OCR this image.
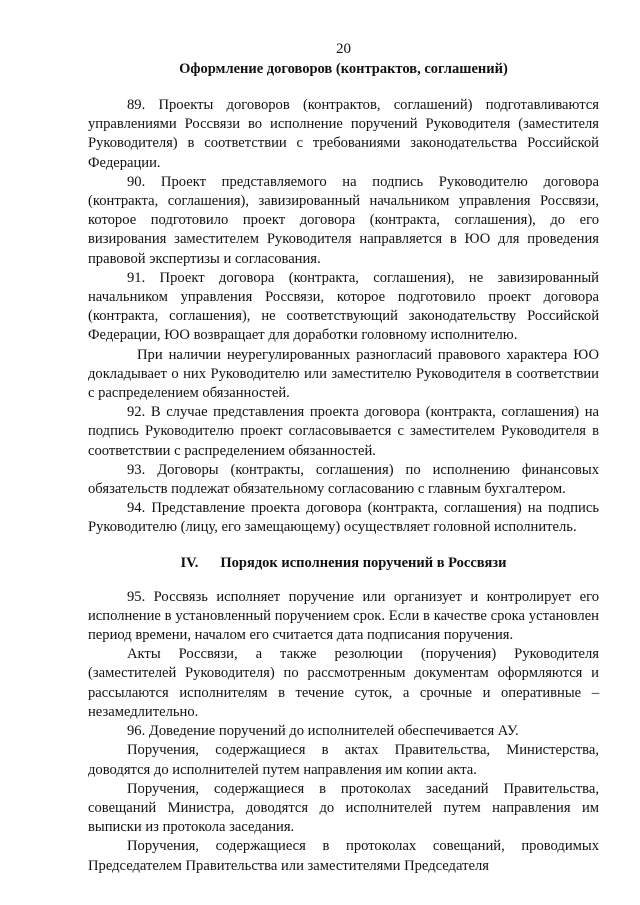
20
Оформление договоров (контрактов, соглашений)

89. Проекты договоров (контрактов, соглашений) подготавливаются управлениями Россвязи во исполнение поручений Руководителя (заместителя Руководителя) в соответствии с требованиями законодательства Российской Федерации.

90. Проект представляемого на подпись Руководителю договора (контракта, соглашения), завизированный начальником управления Россвязи, которое подготовило проект договора (контракта, соглашения), до его визирования заместителем Руководителя направляется в ЮО для проведения правовой экспертизы и согласования.

91. Проект договора (контракта, соглашения), не завизированный начальником управления Россвязи, которое подготовило проект договора (контракта, соглашения), не соответствующий законодательству Российской Федерации, ЮО возвращает для доработки головному исполнителю.

При наличии неурегулированных разногласий правового характера ЮО докладывает о них Руководителю или заместителю Руководителя в соответствии с распределением обязанностей.

92. В случае представления проекта договора (контракта, соглашения) на подпись Руководителю проект согласовывается с заместителем Руководителя в соответствии с распределением обязанностей.

93. Договоры (контракты, соглашения) по исполнению финансовых обязательств подлежат обязательному согласованию с главным бухгалтером.

94. Представление проекта договора (контракта, соглашения) на подпись Руководителю (лицу, его замещающему) осуществляет головной исполнитель.

IV. Порядок исполнения поручений в Россвязи

95. Россвязь исполняет поручение или организует и контролирует его исполнение в установленный поручением срок. Если в качестве срока установлен период времени, началом его считается дата подписания поручения.

Акты Россвязи, а также резолюции (поручения) Руководителя (заместителей Руководителя) по рассмотренным документам оформляются и рассылаются исполнителям в течение суток, а срочные и оперативные – незамедлительно.

96. Доведение поручений до исполнителей обеспечивается АУ.

Поручения, содержащиеся в актах Правительства, Министерства, доводятся до исполнителей путем направления им копии акта.

Поручения, содержащиеся в протоколах заседаний Правительства, совещаний Министра, доводятся до исполнителей путем направления им выписки из протокола заседания.

Поручения, содержащиеся в протоколах совещаний, проводимых Председателем Правительства или заместителями Председателя
